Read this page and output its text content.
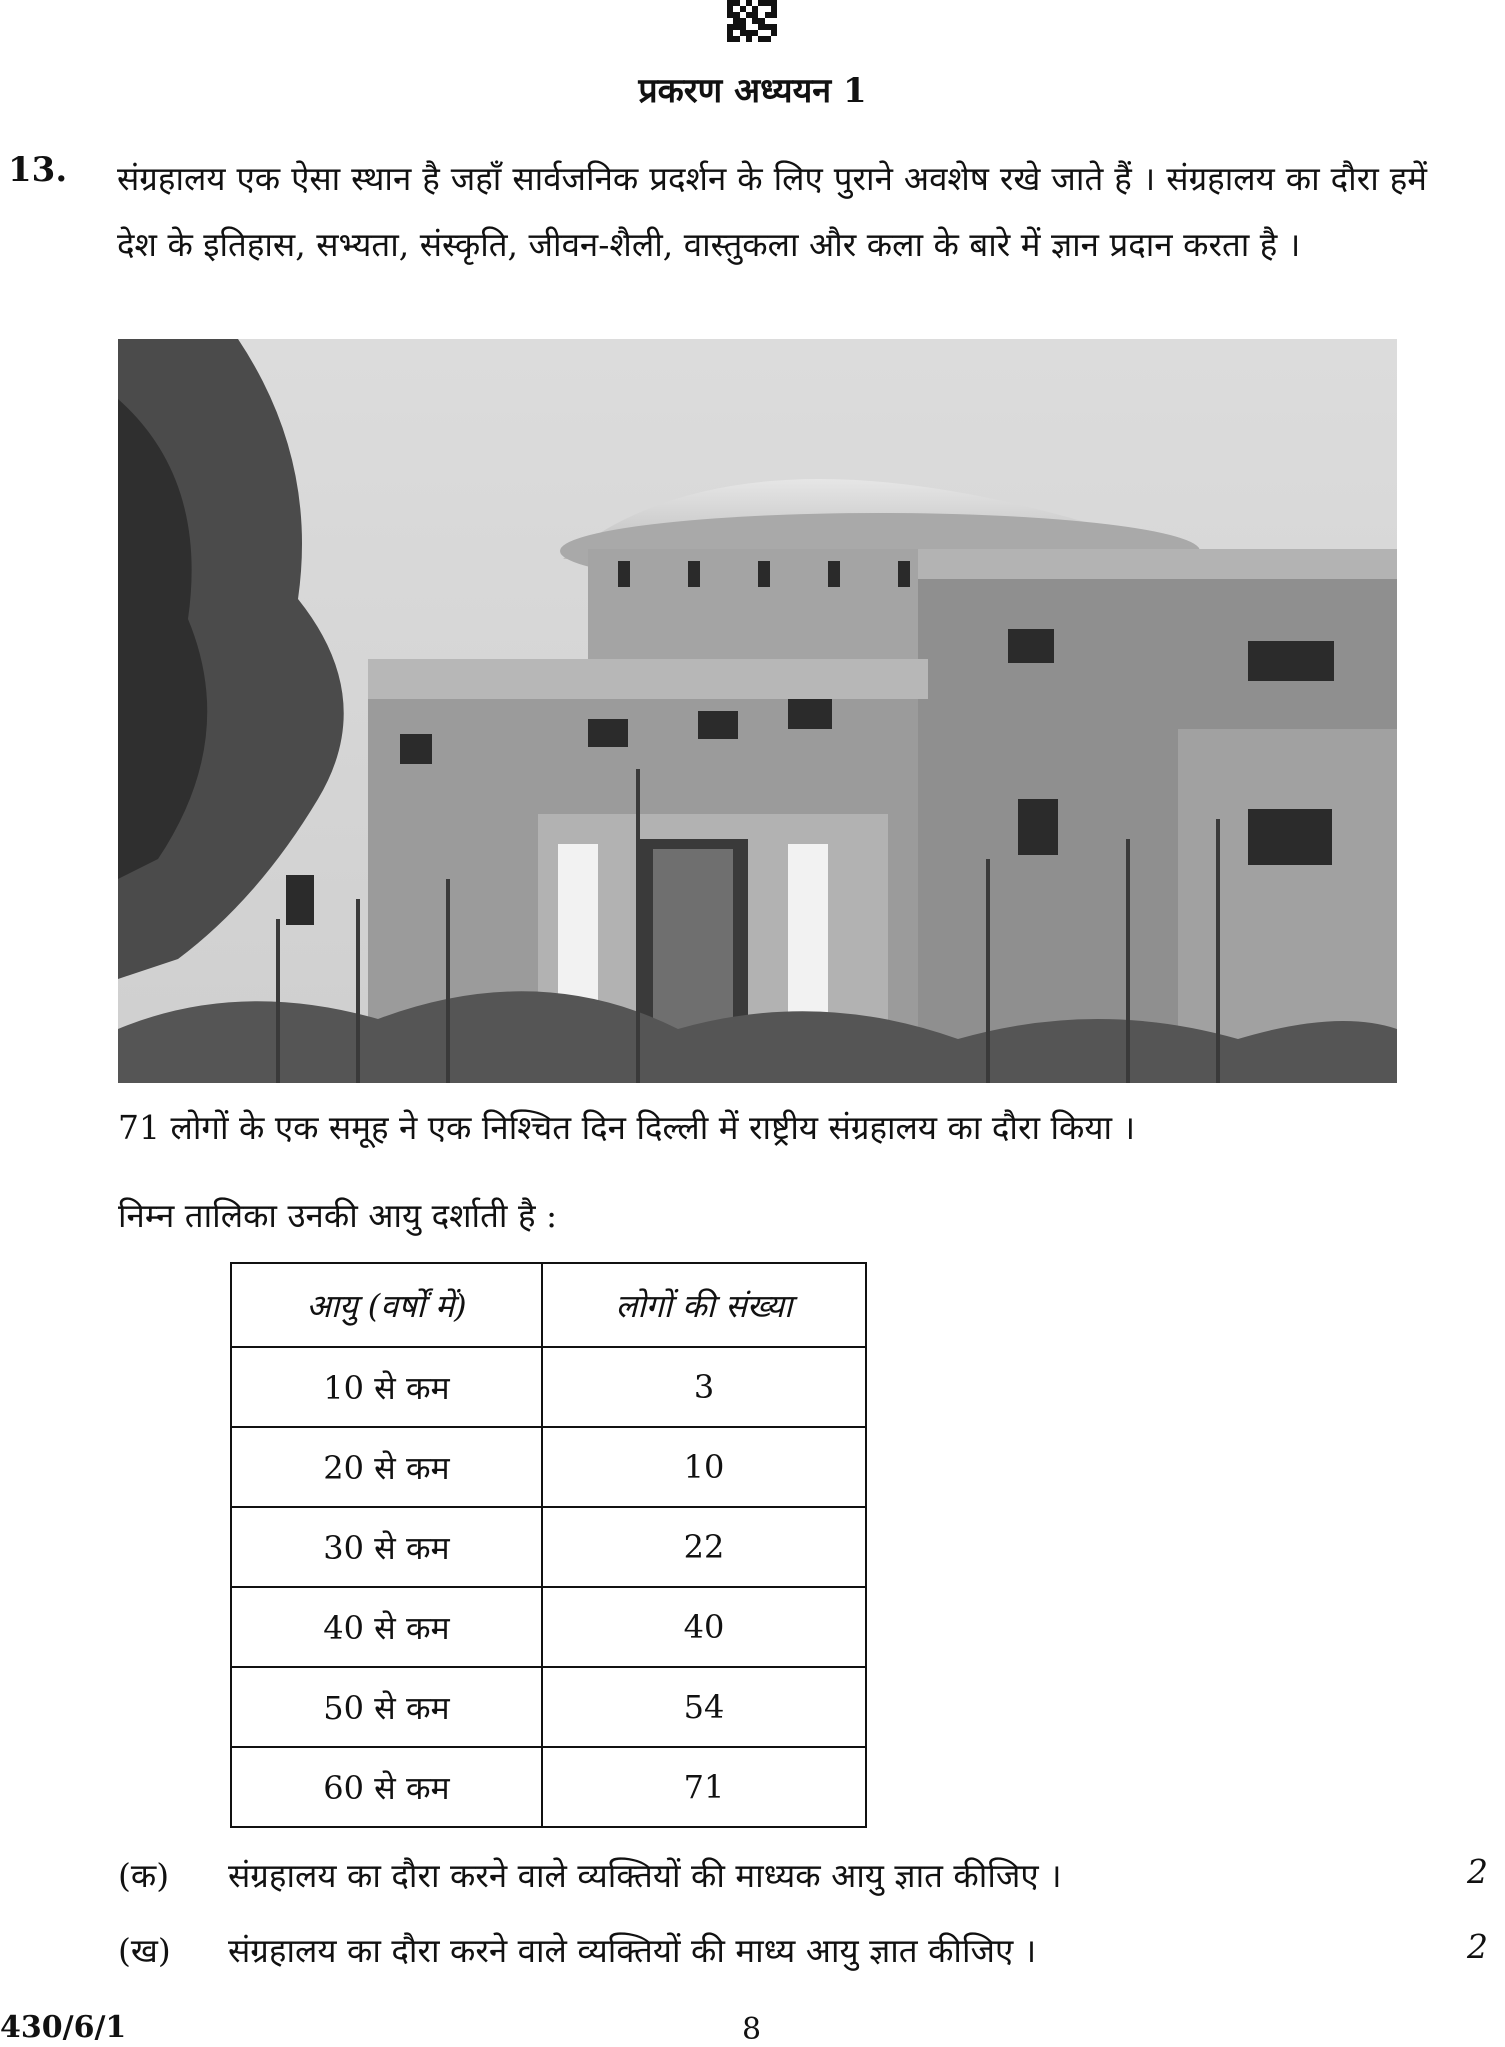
प्रकरण अध्ययन 1
13. संग्रहालय एक ऐसा स्थान है जहाँ सार्वजनिक प्रदर्शन के लिए पुराने अवशेष रखे जाते हैं । संग्रहालय का दौरा हमें देश के इतिहास, सभ्यता, संस्कृति, जीवन-शैली, वास्तुकला और कला के बारे में ज्ञान प्रदान करता है ।
71 लोगों के एक समूह ने एक निश्चित दिन दिल्ली में राष्ट्रीय संग्रहालय का दौरा किया ।
निम्न तालिका उनकी आयु दर्शाती है :
आयु (वर्षों में)	लोगों की संख्या
10 से कम	3
20 से कम	10
30 से कम	22
40 से कम	40
50 से कम	54
60 से कम	71
(क) संग्रहालय का दौरा करने वाले व्यक्तियों की माध्यक आयु ज्ञात कीजिए ।	2
(ख) संग्रहालय का दौरा करने वाले व्यक्तियों की माध्य आयु ज्ञात कीजिए ।	2
430/6/1	8
